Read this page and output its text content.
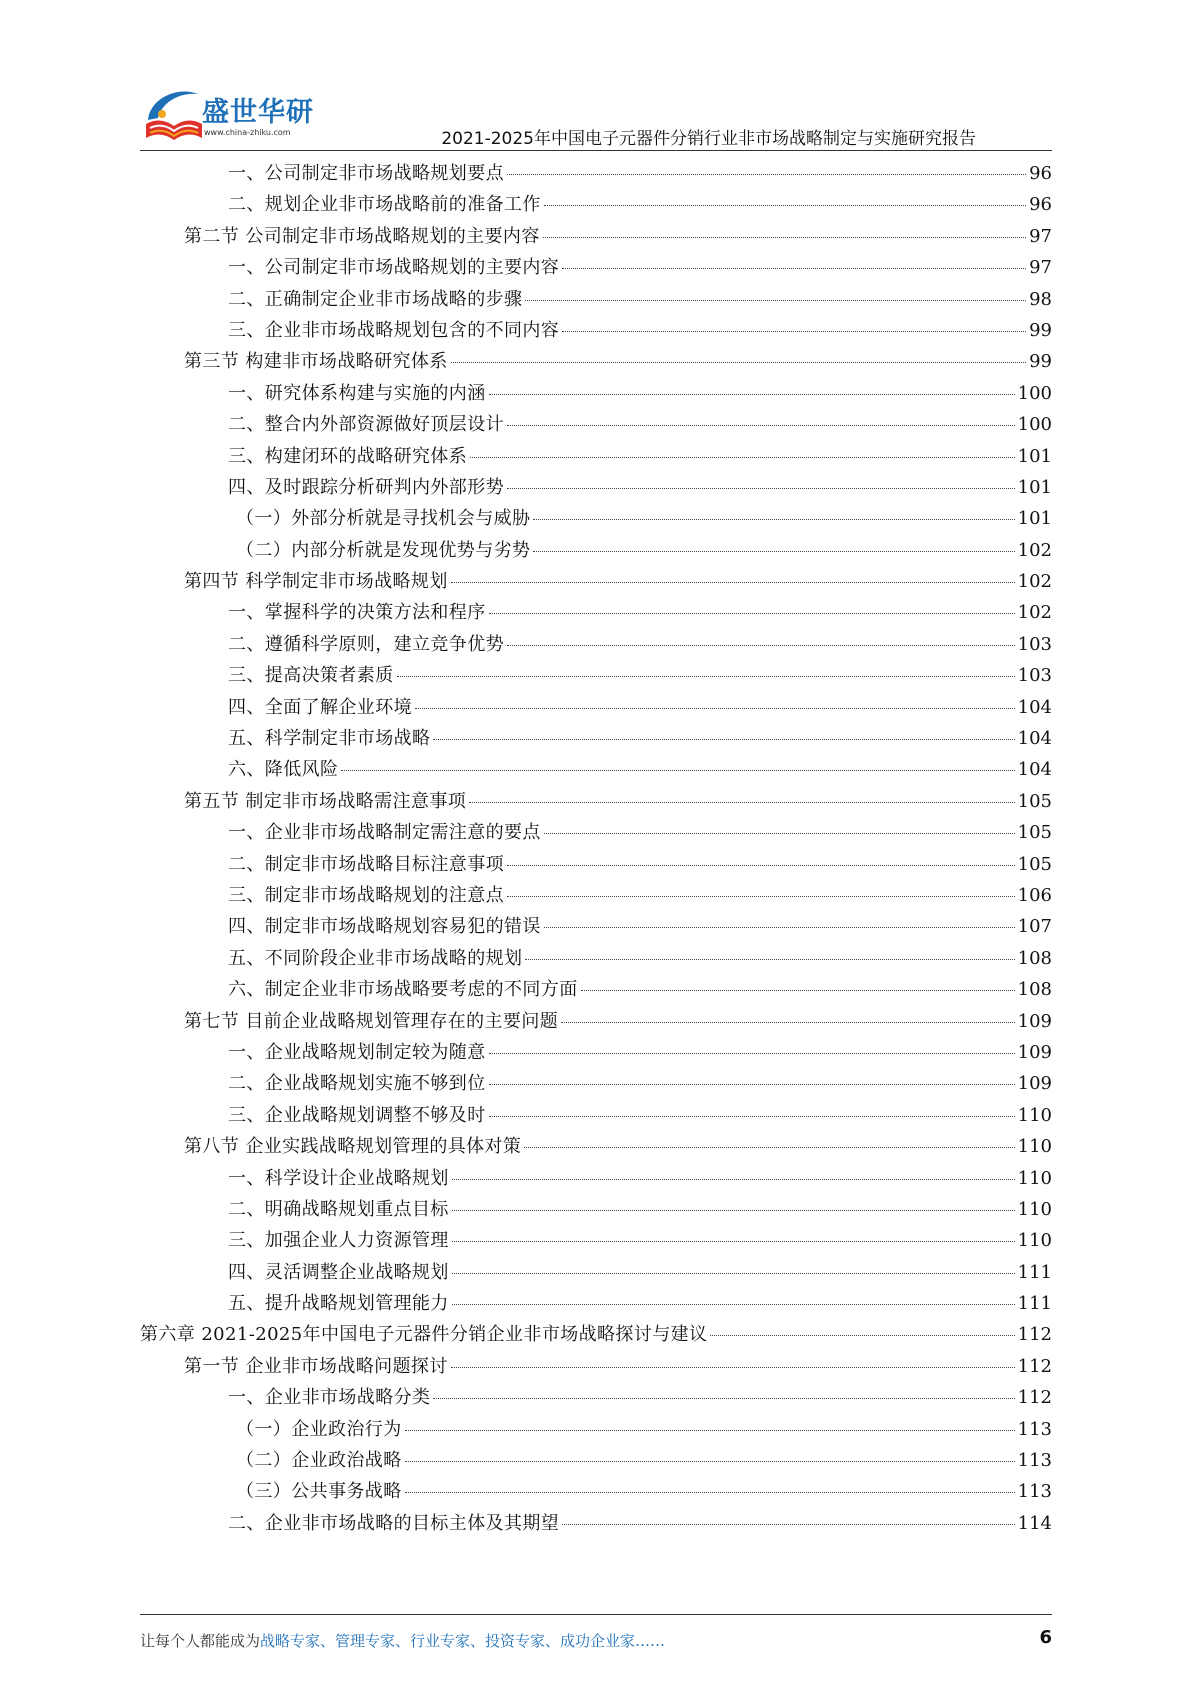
盛世华研
www.china-zhiku.com	2021-2025年中国电子元器件分销行业非市场战略制定与实施研究报告
一、公司制定非市场战略规划要点	96
二、规划企业非市场战略前的准备工作	96
第二节 公司制定非市场战略规划的主要内容	97
一、公司制定非市场战略规划的主要内容	97
二、正确制定企业非市场战略的步骤	98
三、企业非市场战略规划包含的不同内容	99
第三节 构建非市场战略研究体系	99
一、研究体系构建与实施的内涵	100
二、整合内外部资源做好顶层设计	100
三、构建闭环的战略研究体系	101
四、及时跟踪分析研判内外部形势	101
（一）外部分析就是寻找机会与威胁	101
（二）内部分析就是发现优势与劣势	102
第四节 科学制定非市场战略规划	102
一、掌握科学的决策方法和程序	102
二、遵循科学原则，建立竞争优势	103
三、提高决策者素质	103
四、全面了解企业环境	104
五、科学制定非市场战略	104
六、降低风险	104
第五节 制定非市场战略需注意事项	105
一、企业非市场战略制定需注意的要点	105
二、制定非市场战略目标注意事项	105
三、制定非市场战略规划的注意点	106
四、制定非市场战略规划容易犯的错误	107
五、不同阶段企业非市场战略的规划	108
六、制定企业非市场战略要考虑的不同方面	108
第七节 目前企业战略规划管理存在的主要问题	109
一、企业战略规划制定较为随意	109
二、企业战略规划实施不够到位	109
三、企业战略规划调整不够及时	110
第八节 企业实践战略规划管理的具体对策	110
一、科学设计企业战略规划	110
二、明确战略规划重点目标	110
三、加强企业人力资源管理	110
四、灵活调整企业战略规划	111
五、提升战略规划管理能力	111
第六章 2021-2025年中国电子元器件分销企业非市场战略探讨与建议	112
第一节 企业非市场战略问题探讨	112
一、企业非市场战略分类	112
（一）企业政治行为	113
（二）企业政治战略	113
（三）公共事务战略	113
二、企业非市场战略的目标主体及其期望	114
让每个人都能成为战略专家、管理专家、行业专家、投资专家、成功企业家……	6
